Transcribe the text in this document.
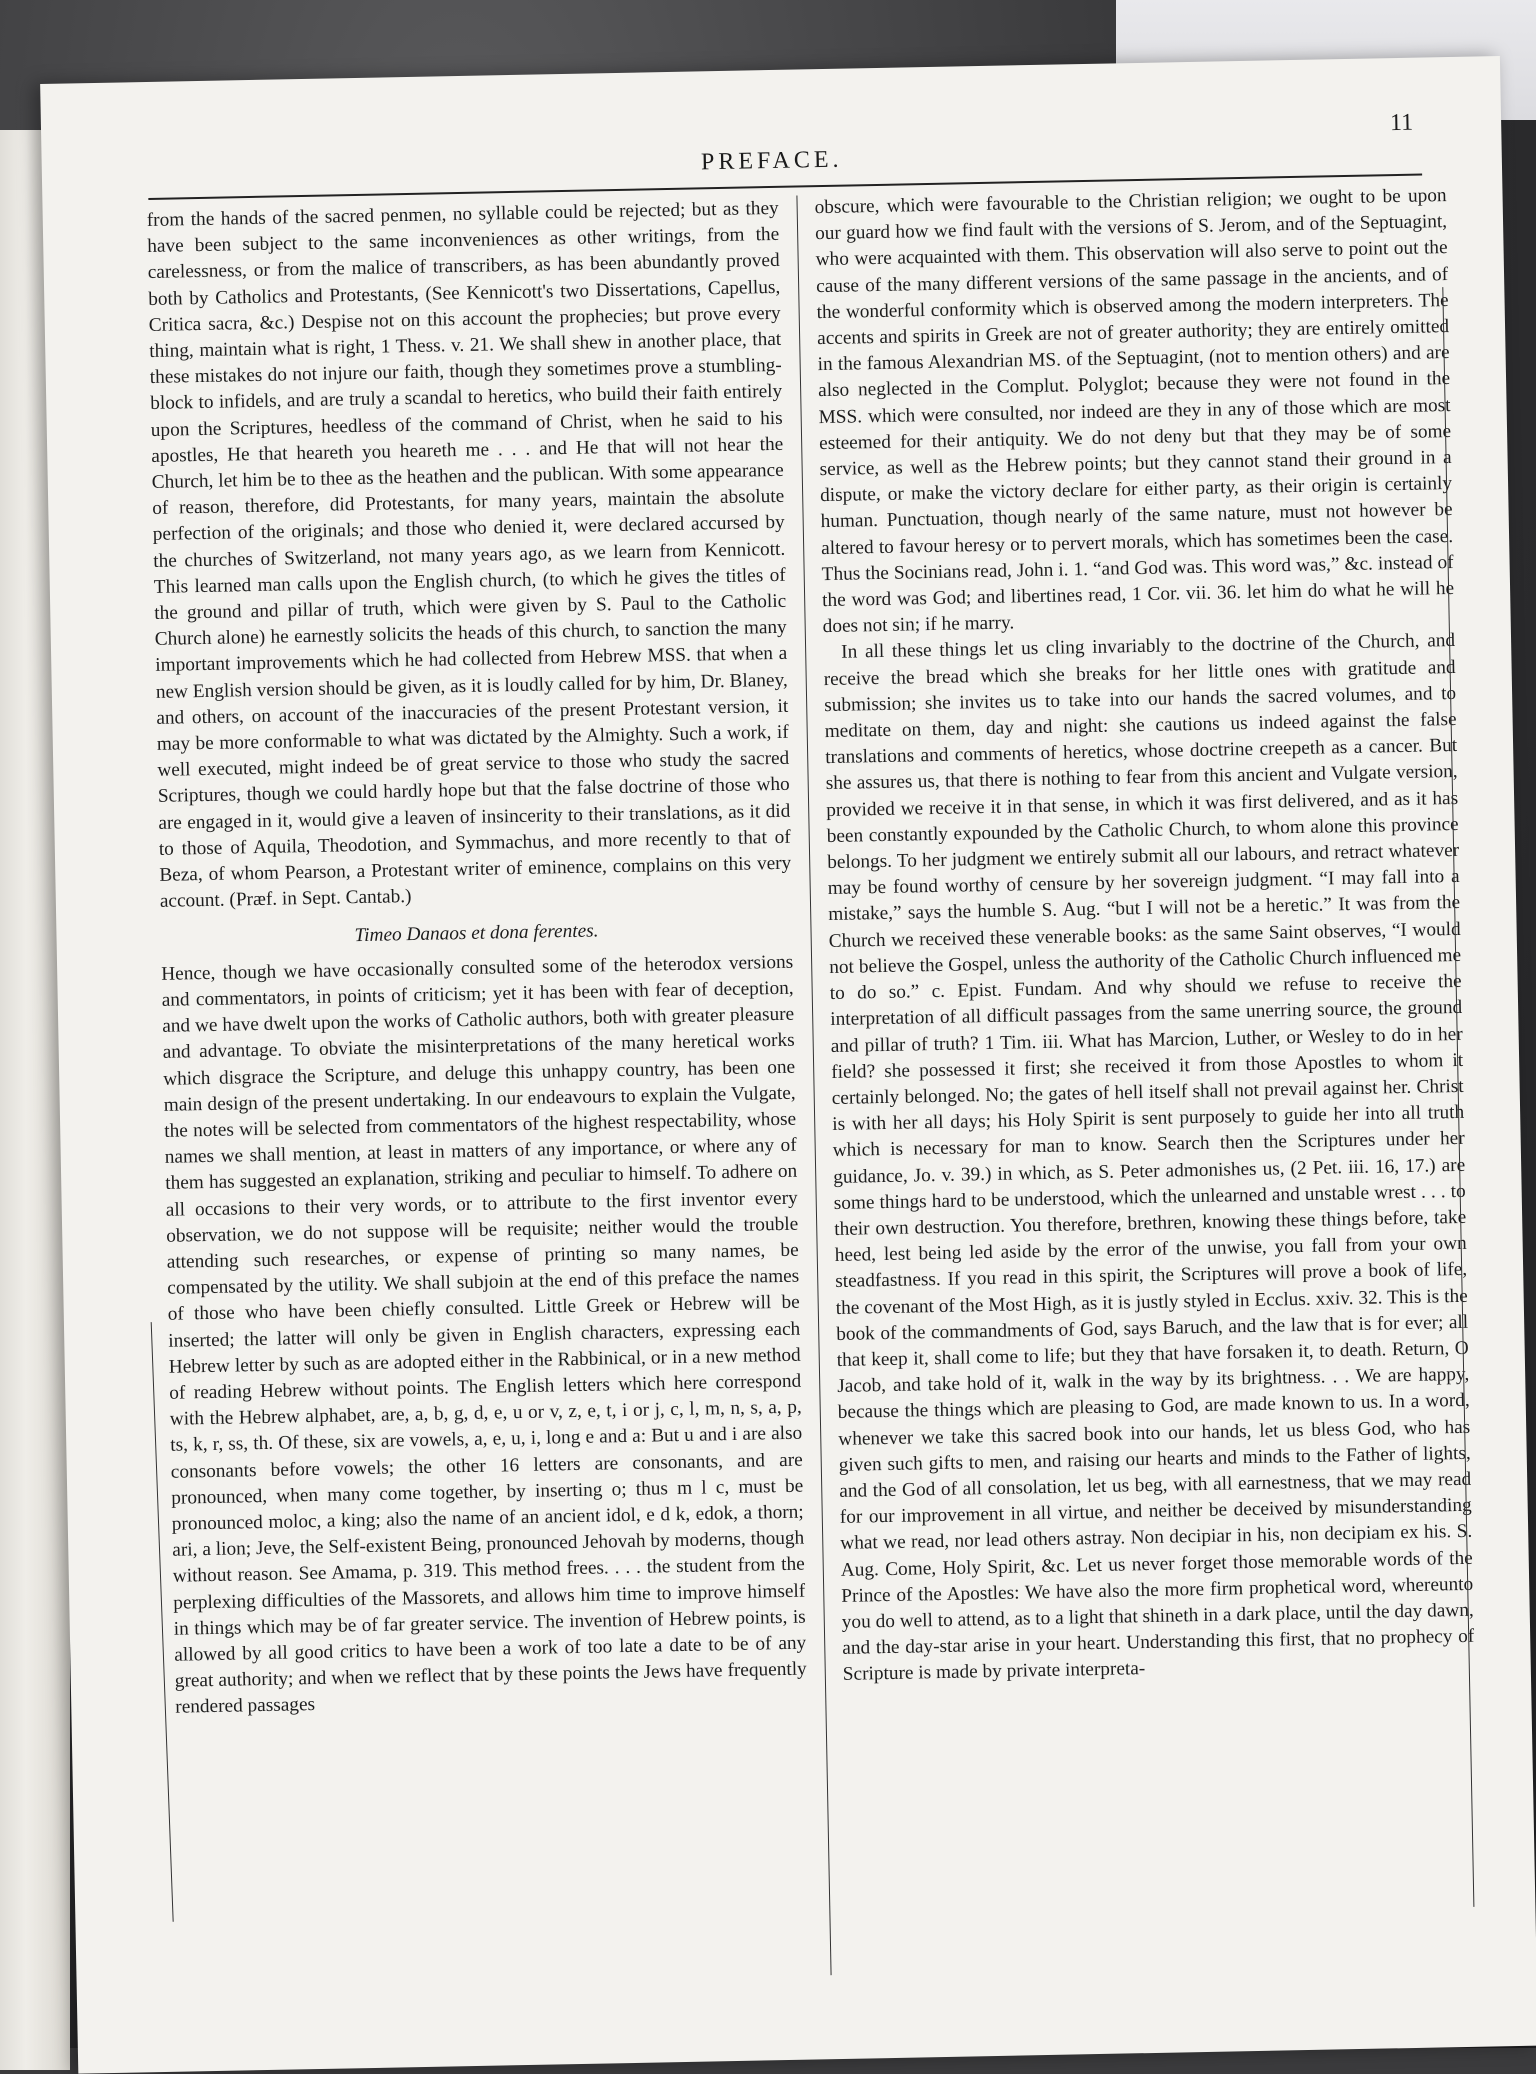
PREFACE.
11

from the hands of the sacred penmen, no syllable could be rejected; but as they have been subject to the same inconveniences as other writings, from the carelessness, or from the malice of transcribers, as has been abundantly proved both by Catholics and Protestants, (See Kennicott's two Dissertations, Capellus, Critica sacra, &c.) Despise not on this account the prophecies; but prove every thing, maintain what is right, 1 Thess. v. 21. We shall shew in another place, that these mistakes do not injure our faith, though they sometimes prove a stumbling-block to infidels, and are truly a scandal to heretics, who build their faith entirely upon the Scriptures, heedless of the command of Christ, when he said to his apostles, He that heareth you heareth me . . . and He that will not hear the Church, let him be to thee as the heathen and the publican. With some appearance of reason, therefore, did Protestants, for many years, maintain the absolute perfection of the originals; and those who denied it, were declared accursed by the churches of Switzerland, not many years ago, as we learn from Kennicott. This learned man calls upon the English church, (to which he gives the titles of the ground and pillar of truth, which were given by S. Paul to the Catholic Church alone) he earnestly solicits the heads of this church, to sanction the many important improvements which he had collected from Hebrew MSS. that when a new English version should be given, as it is loudly called for by him, Dr. Blaney, and others, on account of the inaccuracies of the present Protestant version, it may be more conformable to what was dictated by the Almighty. Such a work, if well executed, might indeed be of great service to those who study the sacred Scriptures, though we could hardly hope but that the false doctrine of those who are engaged in it, would give a leaven of insincerity to their translations, as it did to those of Aquila, Theodotion, and Symmachus, and more recently to that of Beza, of whom Pearson, a Protestant writer of eminence, complains on this very account. (Præf. in Sept. Cantab.)

Timeo Danaos et dona ferentes.

Hence, though we have occasionally consulted some of the heterodox versions and commentators, in points of criticism; yet it has been with fear of deception, and we have dwelt upon the works of Catholic authors, both with greater pleasure and advantage. To obviate the misinterpretations of the many heretical works which disgrace the Scripture, and deluge this unhappy country, has been one main design of the present undertaking. In our endeavours to explain the Vulgate, the notes will be selected from commentators of the highest respectability, whose names we shall mention, at least in matters of any importance, or where any of them has suggested an explanation, striking and peculiar to himself. To adhere on all occasions to their very words, or to attribute to the first inventor every observation, we do not suppose will be requisite; neither would the trouble attending such researches, or expense of printing so many names, be compensated by the utility. We shall subjoin at the end of this preface the names of those who have been chiefly consulted. Little Greek or Hebrew will be inserted; the latter will only be given in English characters, expressing each Hebrew letter by such as are adopted either in the Rabbinical, or in a new method of reading Hebrew without points. The English letters which here correspond with the Hebrew alphabet, are, a, b, g, d, e, u or v, z, e, t, i or j, c, l, m, n, s, a, p, ts, k, r, ss, th. Of these, six are vowels, a, e, u, i, long e and a: But u and i are also consonants before vowels; the other 16 letters are consonants, and are pronounced, when many come together, by inserting o; thus m l c, must be pronounced moloc, a king; also the name of an ancient idol, e d k, edok, a thorn; ari, a lion; Jeve, the Self-existent Being, pronounced Jehovah by moderns, though without reason. See Amama, p. 319. This method frees. . . . the student from the perplexing difficulties of the Massorets, and allows him time to improve himself in things which may be of far greater service. The invention of Hebrew points, is allowed by all good critics to have been a work of too late a date to be of any great authority; and when we reflect that by these points the Jews have frequently rendered passages

obscure, which were favourable to the Christian religion; we ought to be upon our guard how we find fault with the versions of S. Jerom, and of the Septuagint, who were acquainted with them. This observation will also serve to point out the cause of the many different versions of the same passage in the ancients, and of the wonderful conformity which is observed among the modern interpreters. The accents and spirits in Greek are not of greater authority; they are entirely omitted in the famous Alexandrian MS. of the Septuagint, (not to mention others) and are also neglected in the Complut. Polyglot; because they were not found in the MSS. which were consulted, nor indeed are they in any of those which are most esteemed for their antiquity. We do not deny but that they may be of some service, as well as the Hebrew points; but they cannot stand their ground in a dispute, or make the victory declare for either party, as their origin is certainly human. Punctuation, though nearly of the same nature, must not however be altered to favour heresy or to pervert morals, which has sometimes been the case. Thus the Socinians read, John i. 1. “and God was. This word was,” &c. instead of the word was God; and libertines read, 1 Cor. vii. 36. let him do what he will he does not sin; if he marry.

In all these things let us cling invariably to the doctrine of the Church, and receive the bread which she breaks for her little ones with gratitude and submission; she invites us to take into our hands the sacred volumes, and to meditate on them, day and night: she cautions us indeed against the false translations and comments of heretics, whose doctrine creepeth as a cancer. But she assures us, that there is nothing to fear from this ancient and Vulgate version, provided we receive it in that sense, in which it was first delivered, and as it has been constantly expounded by the Catholic Church, to whom alone this province belongs. To her judgment we entirely submit all our labours, and retract whatever may be found worthy of censure by her sovereign judgment. “I may fall into a mistake,” says the humble S. Aug. “but I will not be a heretic.” It was from the Church we received these venerable books: as the same Saint observes, “I would not believe the Gospel, unless the authority of the Catholic Church influenced me to do so.” c. Epist. Fundam. And why should we refuse to receive the interpretation of all difficult passages from the same unerring source, the ground and pillar of truth? 1 Tim. iii. What has Marcion, Luther, or Wesley to do in her field? she possessed it first; she received it from those Apostles to whom it certainly belonged. No; the gates of hell itself shall not prevail against her. Christ is with her all days; his Holy Spirit is sent purposely to guide her into all truth which is necessary for man to know. Search then the Scriptures under her guidance, Jo. v. 39.) in which, as S. Peter admonishes us, (2 Pet. iii. 16, 17.) are some things hard to be understood, which the unlearned and unstable wrest . . . to their own destruction. You therefore, brethren, knowing these things before, take heed, lest being led aside by the error of the unwise, you fall from your own steadfastness. If you read in this spirit, the Scriptures will prove a book of life, the covenant of the Most High, as it is justly styled in Ecclus. xxiv. 32. This is the book of the commandments of God, says Baruch, and the law that is for ever; all that keep it, shall come to life; but they that have forsaken it, to death. Return, O Jacob, and take hold of it, walk in the way by its brightness. . . We are happy, because the things which are pleasing to God, are made known to us. In a word, whenever we take this sacred book into our hands, let us bless God, who has given such gifts to men, and raising our hearts and minds to the Father of lights, and the God of all consolation, let us beg, with all earnestness, that we may read for our improvement in all virtue, and neither be deceived by misunderstanding what we read, nor lead others astray. Non decipiar in his, non decipiam ex his. S. Aug. Come, Holy Spirit, &c. Let us never forget those memorable words of the Prince of the Apostles: We have also the more firm prophetical word, whereunto you do well to attend, as to a light that shineth in a dark place, until the day dawn, and the day-star arise in your heart. Understanding this first, that no prophecy of Scripture is made by private interpreta-
